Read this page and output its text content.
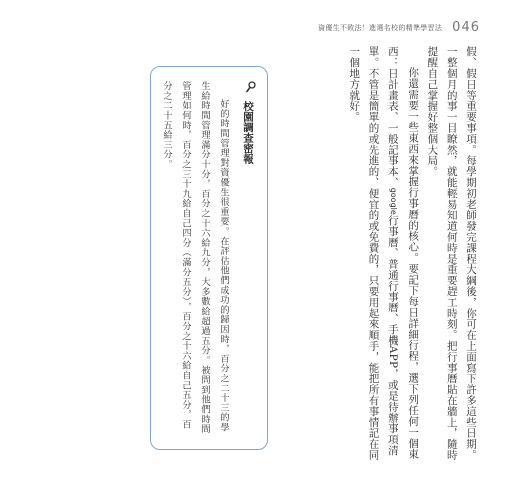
資優生不敗法！進選名校的精準學習法 046

假、假日等重要事項。每學期初老師發完課程大綱後，你可在上面寫下許多這些日期。一整個月的事一目瞭然，就能輕易知道何時是重要趕工時刻。把行事曆貼在牆上，隨時提醒自己掌握好整個大局。

你還需要一些東西來掌握行事曆的核心。要記下每日詳細行程，選下列任何一個東西：日計畫表、一般記事本、google行事曆、普通行事曆、手機APP，或是待辦事項清單。不管是簡單的或先進的、便宜的或免費的，只要用起來順手，能把所有事情記在同一個地方就好。

校園調查密報

好的時間管理對資優生很重要。在評估他們成功的歸因時，百分之二十三的學生給時間管理滿分十分，百分之十六給九分，大多數給超過五分。被問到他們時間管理如何時，百分之三十九給自己四分（滿分五分），百分之十六給自己五分，百分之二十五給三分。
